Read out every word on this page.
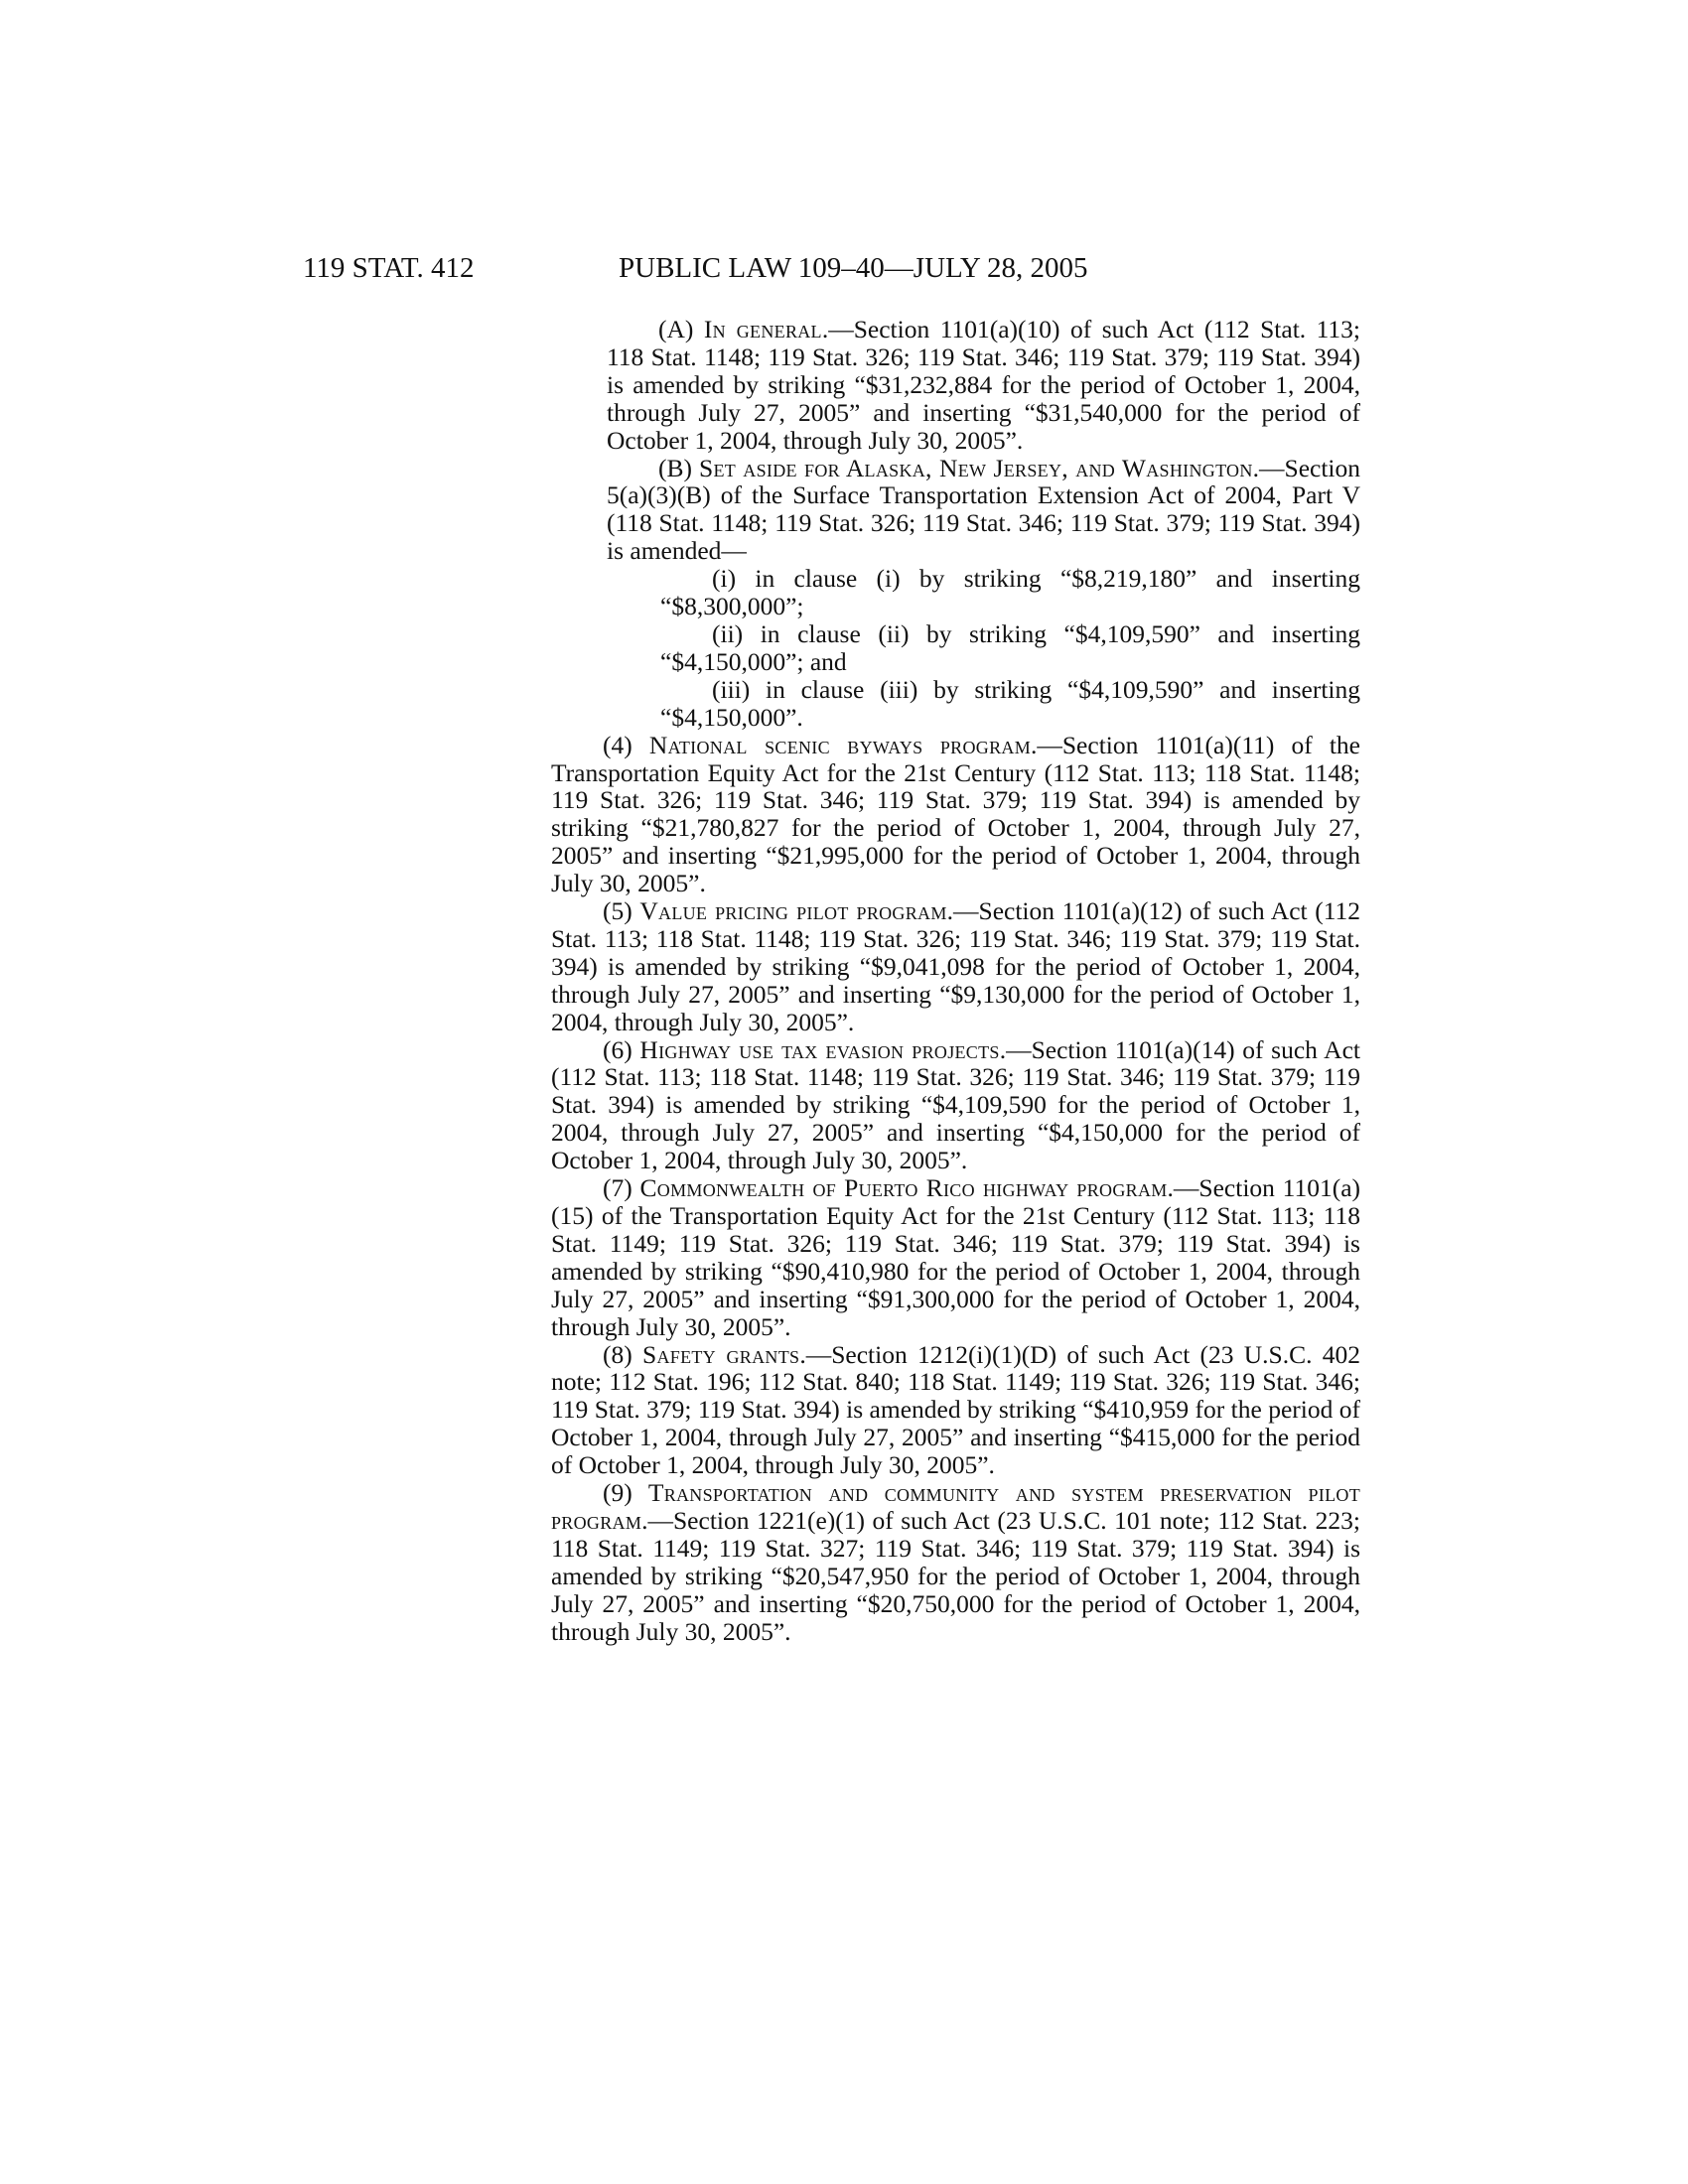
119 STAT. 412	PUBLIC LAW 109–40—JULY 28, 2005

(A) In general.—Section 1101(a)(10) of such Act (112 Stat. 113; 118 Stat. 1148; 119 Stat. 326; 119 Stat. 346; 119 Stat. 379; 119 Stat. 394) is amended by striking “$31,232,884 for the period of October 1, 2004, through July 27, 2005” and inserting “$31,540,000 for the period of October 1, 2004, through July 30, 2005”.

(B) Set aside for Alaska, New Jersey, and Washington.—Section 5(a)(3)(B) of the Surface Transportation Extension Act of 2004, Part V (118 Stat. 1148; 119 Stat. 326; 119 Stat. 346; 119 Stat. 379; 119 Stat. 394) is amended—

(i) in clause (i) by striking “$8,219,180” and inserting “$8,300,000”;

(ii) in clause (ii) by striking “$4,109,590” and inserting “$4,150,000”; and

(iii) in clause (iii) by striking “$4,109,590” and inserting “$4,150,000”.

(4) National scenic byways program.—Section 1101(a)(11) of the Transportation Equity Act for the 21st Century (112 Stat. 113; 118 Stat. 1148; 119 Stat. 326; 119 Stat. 346; 119 Stat. 379; 119 Stat. 394) is amended by striking “$21,780,827 for the period of October 1, 2004, through July 27, 2005” and inserting “$21,995,000 for the period of October 1, 2004, through July 30, 2005”.

(5) Value pricing pilot program.—Section 1101(a)(12) of such Act (112 Stat. 113; 118 Stat. 1148; 119 Stat. 326; 119 Stat. 346; 119 Stat. 379; 119 Stat. 394) is amended by striking “$9,041,098 for the period of October 1, 2004, through July 27, 2005” and inserting “$9,130,000 for the period of October 1, 2004, through July 30, 2005”.

(6) Highway use tax evasion projects.—Section 1101(a)(14) of such Act (112 Stat. 113; 118 Stat. 1148; 119 Stat. 326; 119 Stat. 346; 119 Stat. 379; 119 Stat. 394) is amended by striking “$4,109,590 for the period of October 1, 2004, through July 27, 2005” and inserting “$4,150,000 for the period of October 1, 2004, through July 30, 2005”.

(7) Commonwealth of Puerto Rico highway program.—Section 1101(a)(15) of the Transportation Equity Act for the 21st Century (112 Stat. 113; 118 Stat. 1149; 119 Stat. 326; 119 Stat. 346; 119 Stat. 379; 119 Stat. 394) is amended by striking “$90,410,980 for the period of October 1, 2004, through July 27, 2005” and inserting “$91,300,000 for the period of October 1, 2004, through July 30, 2005”.

(8) Safety grants.—Section 1212(i)(1)(D) of such Act (23 U.S.C. 402 note; 112 Stat. 196; 112 Stat. 840; 118 Stat. 1149; 119 Stat. 326; 119 Stat. 346; 119 Stat. 379; 119 Stat. 394) is amended by striking “$410,959 for the period of October 1, 2004, through July 27, 2005” and inserting “$415,000 for the period of October 1, 2004, through July 30, 2005”.

(9) Transportation and community and system preservation pilot program.—Section 1221(e)(1) of such Act (23 U.S.C. 101 note; 112 Stat. 223; 118 Stat. 1149; 119 Stat. 327; 119 Stat. 346; 119 Stat. 379; 119 Stat. 394) is amended by striking “$20,547,950 for the period of October 1, 2004, through July 27, 2005” and inserting “$20,750,000 for the period of October 1, 2004, through July 30, 2005”.
